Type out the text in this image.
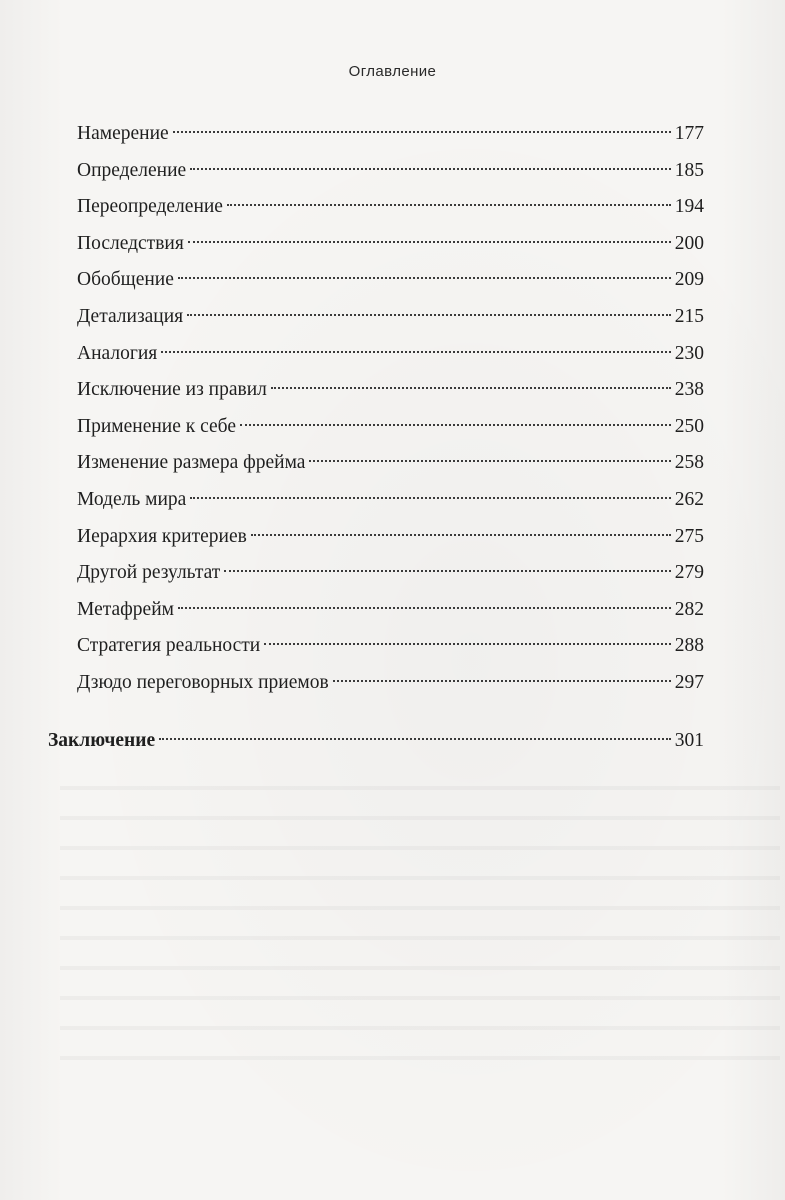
Оглавление
Намерение	177
Определение	185
Переопределение	194
Последствия	200
Обобщение	209
Детализация	215
Аналогия	230
Исключение из правил	238
Применение к себе	250
Изменение размера фрейма	258
Модель мира	262
Иерархия критериев	275
Другой результат	279
Метафрейм	282
Стратегия реальности	288
Дзюдо переговорных приемов	297
Заключение	301
